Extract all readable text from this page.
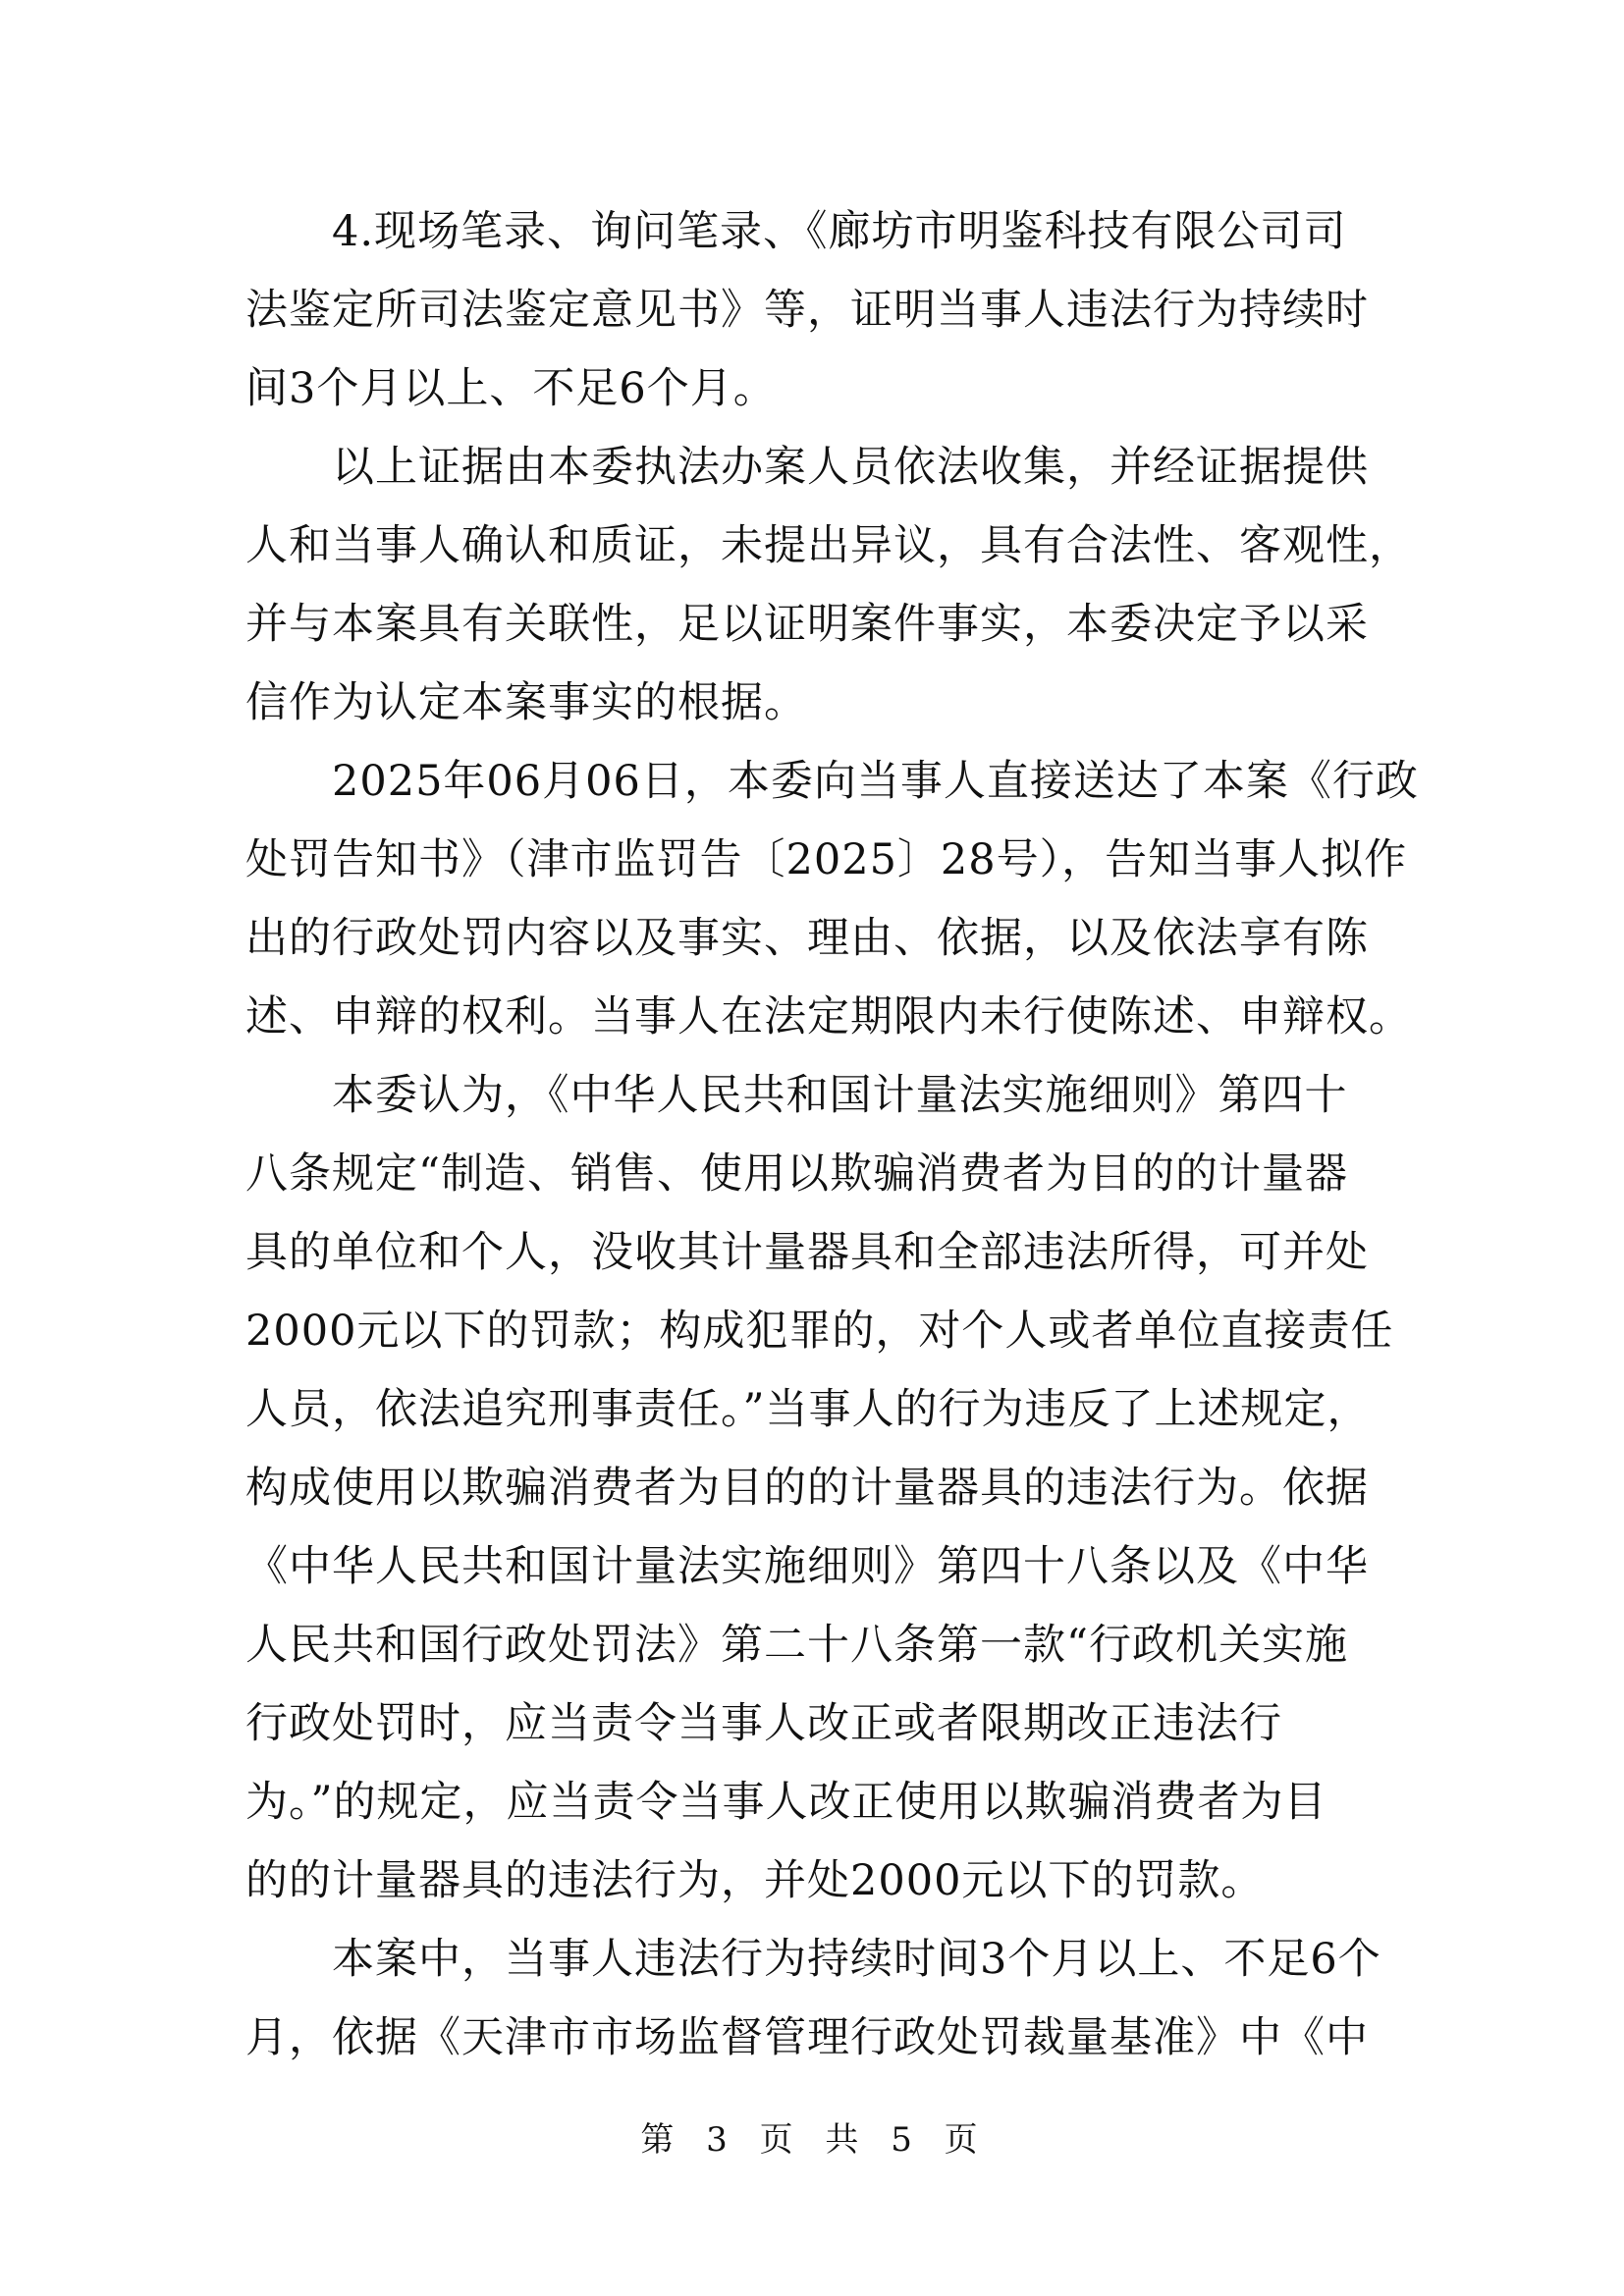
　　4.现场笔录、询问笔录、《廊坊市明鉴科技有限公司司
法鉴定所司法鉴定意见书》等，证明当事人违法行为持续时
间3个月以上、不足6个月。
　　以上证据由本委执法办案人员依法收集，并经证据提供
人和当事人确认和质证，未提出异议，具有合法性、客观性，
并与本案具有关联性，足以证明案件事实，本委决定予以采
信作为认定本案事实的根据。
　　2025年06月06日，本委向当事人直接送达了本案《行政
处罚告知书》（津市监罚告〔2025〕28号），告知当事人拟作
出的行政处罚内容以及事实、理由、依据，以及依法享有陈
述、申辩的权利。当事人在法定期限内未行使陈述、申辩权。
　　本委认为，《中华人民共和国计量法实施细则》第四十
八条规定“制造、销售、使用以欺骗消费者为目的的计量器
具的单位和个人，没收其计量器具和全部违法所得，可并处
2000元以下的罚款；构成犯罪的，对个人或者单位直接责任
人员，依法追究刑事责任。”当事人的行为违反了上述规定，
构成使用以欺骗消费者为目的的计量器具的违法行为。依据
《中华人民共和国计量法实施细则》第四十八条以及《中华
人民共和国行政处罚法》第二十八条第一款“行政机关实施
行政处罚时，应当责令当事人改正或者限期改正违法行
为。”的规定，应当责令当事人改正使用以欺骗消费者为目
的的计量器具的违法行为，并处2000元以下的罚款。
　　本案中，当事人违法行为持续时间3个月以上、不足6个
月，依据《天津市市场监督管理行政处罚裁量基准》中《中
第 3 页 共 5 页
